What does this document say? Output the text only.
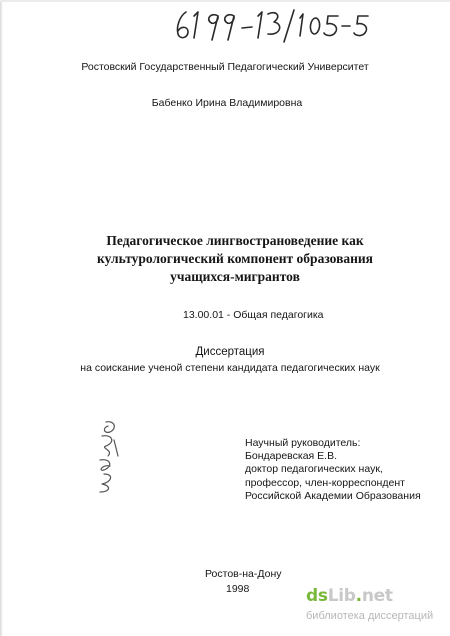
Ростовский Государственный Педагогический Университет
Бабенко Ирина Владимировна
Педагогическое лингвострановедение как
культурологический компонент образования
учащихся-мигрантов
13.00.01 - Общая педагогика
Диссертация
на соискание ученой степени кандидата педагогических наук
Научный руководитель:
Бондаревская Е.В.
доктор педагогических наук,
профессор, член-корреспондент
Российской Академии Образования
Ростов-на-Дону
1998	dsLib.net
библиотека диссертаций
